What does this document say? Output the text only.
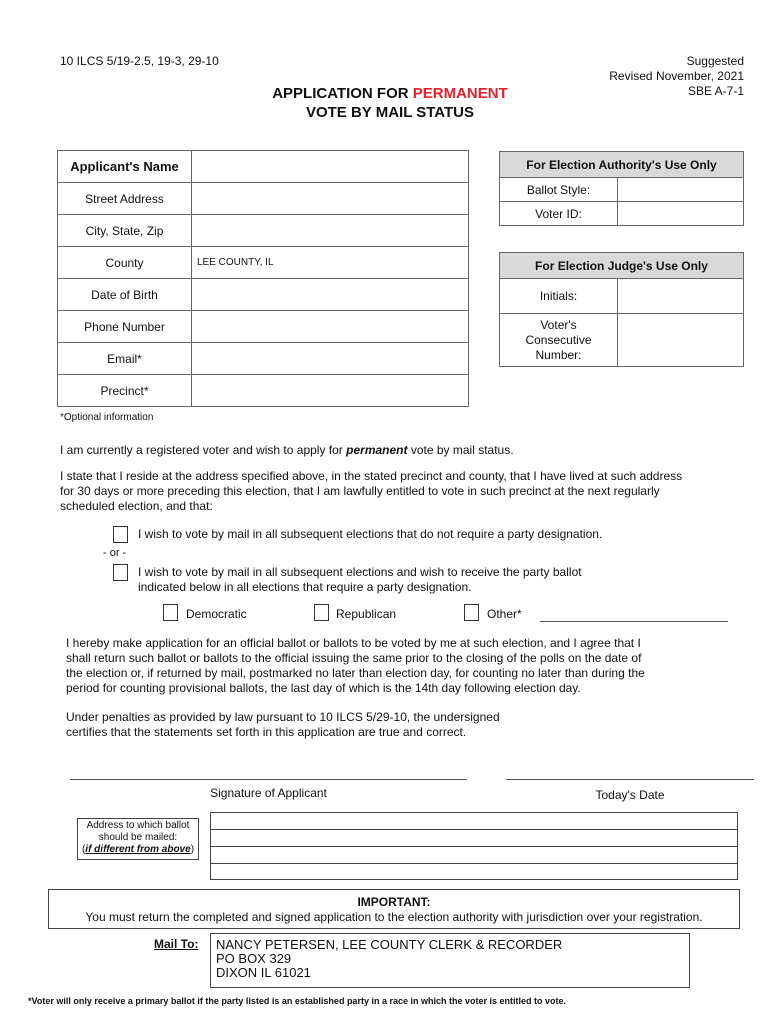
10 ILCS 5/19-2.5, 19-3, 29-10	Suggested
Revised November, 2021
SBE A-7-1
APPLICATION FOR PERMANENT
VOTE BY MAIL STATUS
Applicant's Name	
Street Address	
City, State, Zip	
County	LEE COUNTY, IL
Date of Birth	
Phone Number	
Email*	
Precinct*	
*Optional information
For Election Authority's Use Only	
Ballot Style:	
Voter ID:	
For Election Judge's Use Only	
Initials:	

Voter's
Consecutive
Number:	

I am currently a registered voter and wish to apply for permanent vote by mail status.
I state that I reside at the address specified above, in the stated precinct and county, that I have lived at such address
for 30 days or more preceding this election, that I am lawfully entitled to vote in such precinct at the next regularly
scheduled election, and that:
I wish to vote by mail in all subsequent elections that do not require a party designation.
- or -
I wish to vote by mail in all subsequent elections and wish to receive the party ballot
indicated below in all elections that require a party designation.
Democratic	Republican	Other*
I hereby make application for an official ballot or ballots to be voted by me at such election, and I agree that I
shall return such ballot or ballots to the official issuing the same prior to the closing of the polls on the date of
the election or, if returned by mail, postmarked no later than election day, for counting no later than during the
period for counting provisional ballots, the last day of which is the 14th day following election day.
Under penalties as provided by law pursuant to 10 ILCS 5/29-10, the undersigned
certifies that the statements set forth in this application are true and correct.
Signature of Applicant	Today's Date
Address to which ballot
should be mailed:
(if different from above)
IMPORTANT:
You must return the completed and signed application to the election authority with jurisdiction over your registration.
Mail To: NANCY PETERSEN, LEE COUNTY CLERK & RECORDER
PO BOX 329
DIXON IL 61021
*Voter will only receive a primary ballot if the party listed is an established party in a race in which the voter is entitled to vote.
